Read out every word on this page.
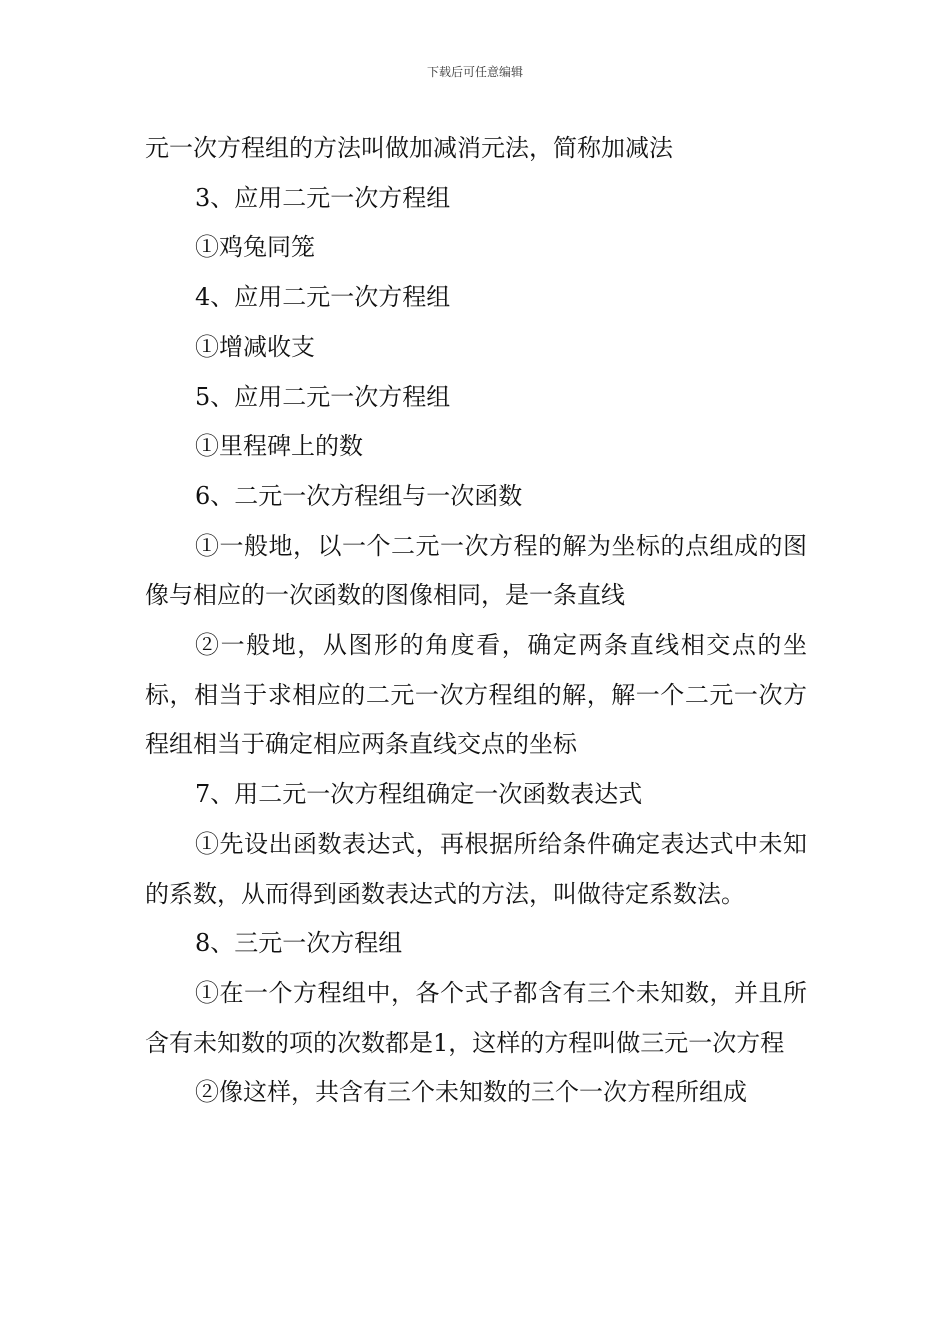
下载后可任意编辑

元一次方程组的方法叫做加减消元法，简称加减法

3、应用二元一次方程组

①鸡兔同笼

4、应用二元一次方程组

①增减收支

5、应用二元一次方程组

①里程碑上的数

6、二元一次方程组与一次函数

①一般地，以一个二元一次方程的解为坐标的点组成的图像与相应的一次函数的图像相同，是一条直线

②一般地，从图形的角度看，确定两条直线相交点的坐标，相当于求相应的二元一次方程组的解，解一个二元一次方程组相当于确定相应两条直线交点的坐标

7、用二元一次方程组确定一次函数表达式

①先设出函数表达式，再根据所给条件确定表达式中未知的系数，从而得到函数表达式的方法，叫做待定系数法。

8、三元一次方程组

①在一个方程组中，各个式子都含有三个未知数，并且所含有未知数的项的次数都是1，这样的方程叫做三元一次方程

②像这样，共含有三个未知数的三个一次方程所组成
